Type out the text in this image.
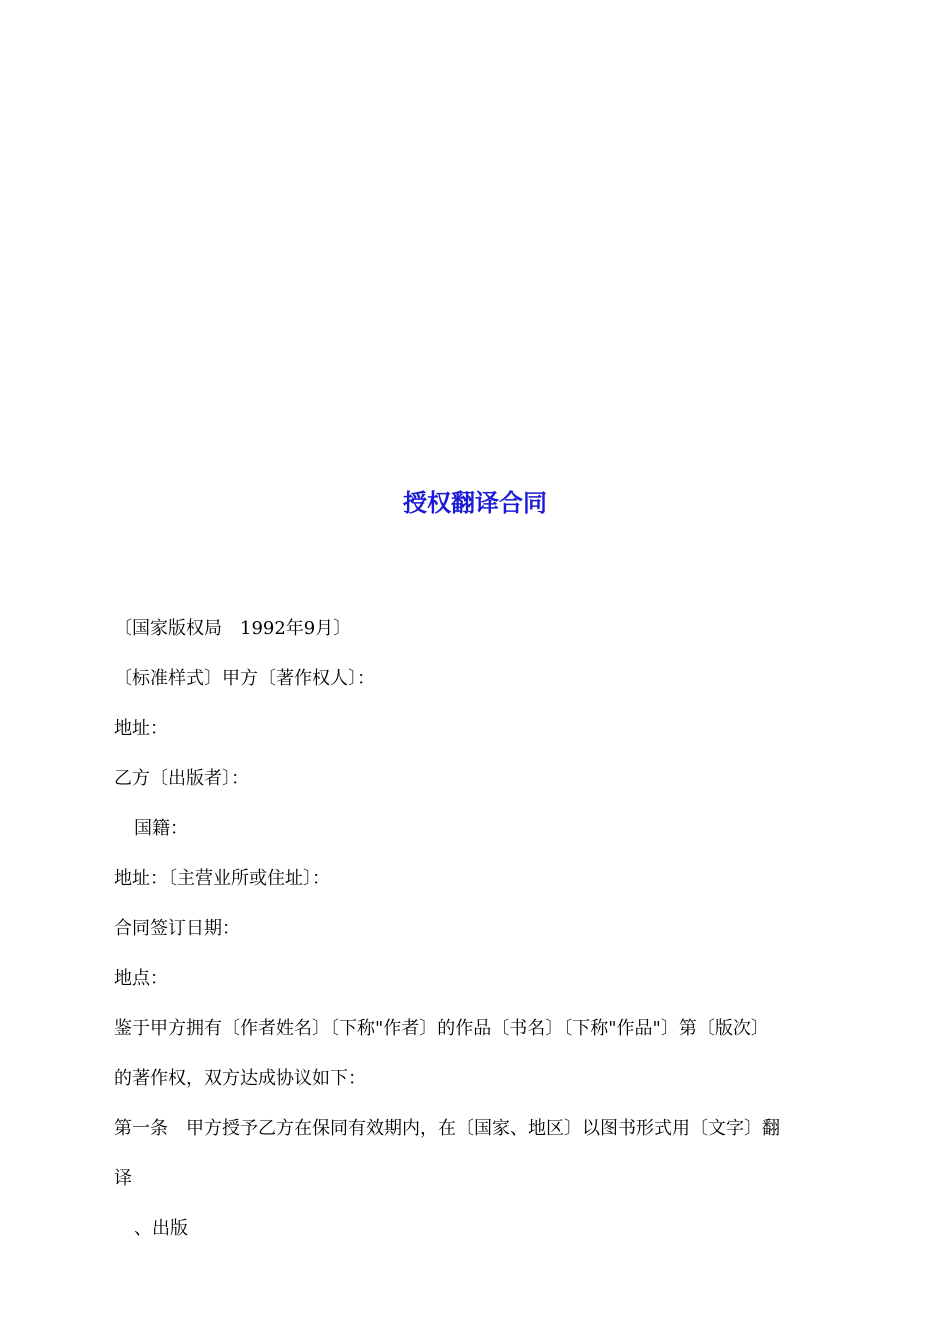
授权翻译合同
〔国家版权局　1992年9月〕
〔标准样式〕甲方〔著作权人〕：
地址：
乙方〔出版者〕：
国籍：
地址：〔主营业所或住址〕：
合同签订日期：
地点：
鉴于甲方拥有〔作者姓名〕〔下称"作者〕的作品〔书名〕〔下称"作品"〕第〔版次〕
的著作权，双方达成协议如下：
第一条　甲方授予乙方在保同有效期内，在〔国家、地区〕以图书形式用〔文字〕翻
译
、出版
